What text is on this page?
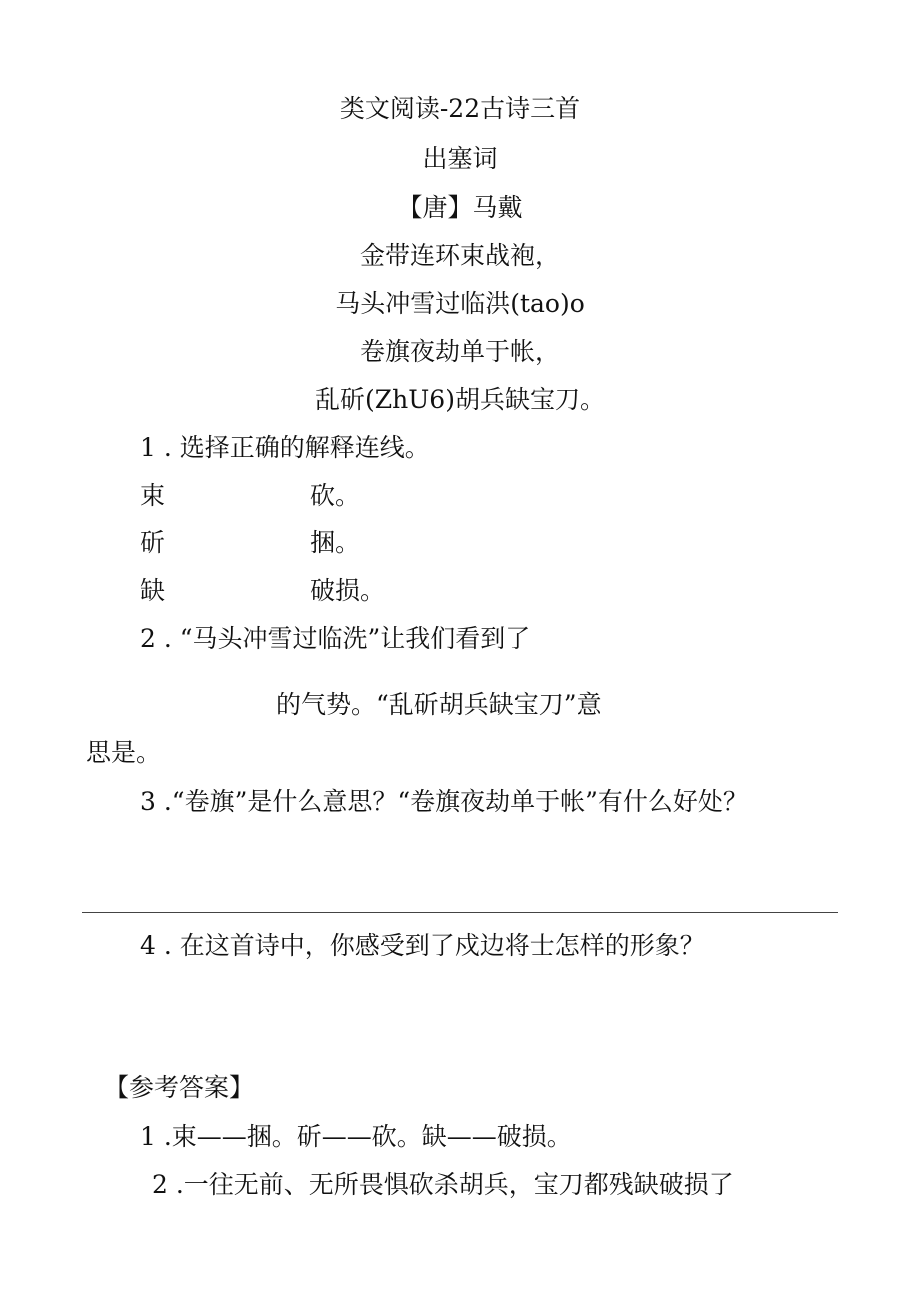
类文阅读-22古诗三首
出塞词
【唐】马戴
金带连环束战袍，
马头冲雪过临洪(tao)o
卷旗夜劫单于帐，
乱斫(ZhU6)胡兵缺宝刀。
1 . 选择正确的解释连线。
束	砍。
斫	捆。
缺	破损。
2 . “马头冲雪过临洗”让我们看到了
的气势。“乱斫胡兵缺宝刀”意
思是。
3 .“卷旗”是什么意思？“卷旗夜劫单于帐”有什么好处？
4 . 在这首诗中，你感受到了戍边将士怎样的形象？
【参考答案】
1 .束——捆。斫——砍。缺——破损。
2 .一往无前、无所畏惧砍杀胡兵，宝刀都残缺破损了
